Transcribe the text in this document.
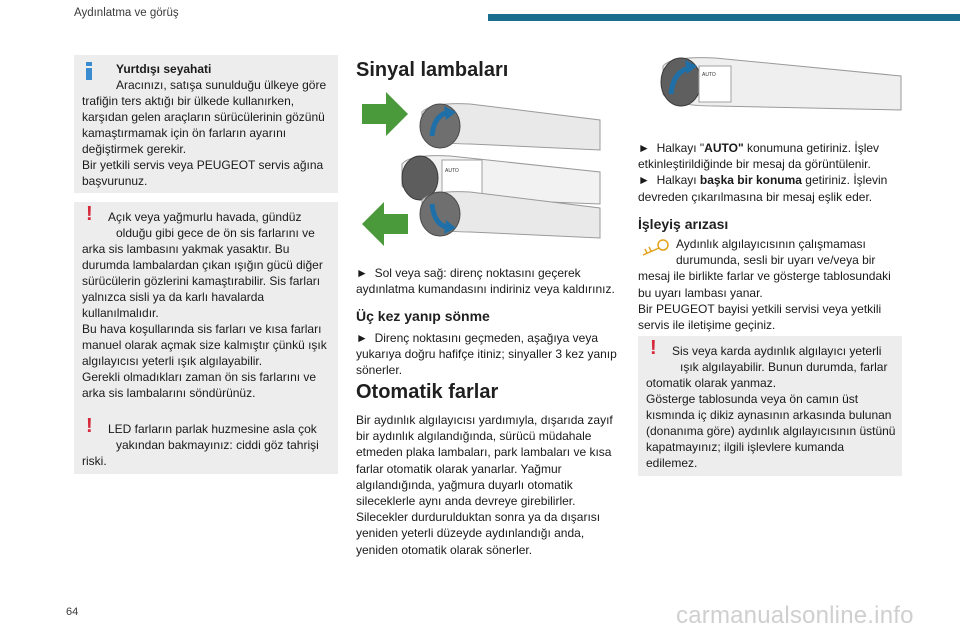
Aydınlatma ve görüş

Yurtdışı seyahati

Aracınızı, satışa sunulduğu ülkeye göre

trafiğin ters aktığı bir ülkede kullanırken, karşıdan gelen araçların sürücülerinin gözünü kamaştırmamak için ön farların ayarını değiştirmek gerekir.

Bir yetkili servis veya PEUGEOT servis ağına başvurunuz.

!	Açık veya yağmurlu havada, gündüz

olduğu gibi gece de ön sis farlarını ve

arka sis lambasını yakmak yasaktır. Bu durumda lambalardan çıkan ışığın gücü diğer sürücülerin gözlerini kamaştırabilir. Sis farları yalnızca sisli ya da karlı havalarda kullanılmalıdır.

Bu hava koşullarında sis farları ve kısa farları manuel olarak açmak size kalmıştır çünkü ışık algılayıcısı yeterli ışık algılayabilir.

Gerekli olmadıkları zaman ön sis farlarını ve arka sis lambalarını söndürünüz.

!	LED farların parlak huzmesine asla çok

yakından bakmayınız: ciddi göz tahrişi

riski.

Sinyal lambaları

AUTO

► Sol veya sağ: direnç noktasını geçerek aydınlatma kumandasını indiriniz veya kaldırınız.

Üç kez yanıp sönme

► Direnç noktasını geçmeden, aşağıya veya yukarıya doğru hafifçe itiniz; sinyaller 3 kez yanıp sönerler.

Otomatik farlar

Bir aydınlık algılayıcısı yardımıyla, dışarıda zayıf bir aydınlık algılandığında, sürücü müdahale etmeden plaka lambaları, park lambaları ve kısa farlar otomatik olarak yanarlar. Yağmur algılandığında, yağmura duyarlı otomatik sileceklerle aynı anda devreye girebilirler.

Silecekler durdurulduktan sonra ya da dışarısı yeniden yeterli düzeyde aydınlandığı anda, yeniden otomatik olarak sönerler.

AUTO

► Halkayı "AUTO" konumuna getiriniz. İşlev etkinleştirildiğinde bir mesaj da görüntülenir.

► Halkayı başka bir konuma getiriniz. İşlevin devreden çıkarılmasına bir mesaj eşlik eder.

İşleyiş arızası

Aydınlık algılayıcısının çalışmaması

durumunda, sesli bir uyarı ve/veya bir

mesaj ile birlikte farlar ve gösterge tablosundaki bu uyarı lambası yanar.

Bir PEUGEOT bayisi yetkili servisi veya yetkili servis ile iletişime geçiniz.

!	Sis veya karda aydınlık algılayıcı yeterli

ışık algılayabilir. Bunun durumda, farlar

otomatik olarak yanmaz.

Gösterge tablosunda veya ön camın üst kısmında iç dikiz aynasının arkasında bulunan (donanıma göre) aydınlık algılayıcısının üstünü kapatmayınız; ilgili işlevlere kumanda edilemez.

64	carmanualsonline.info
